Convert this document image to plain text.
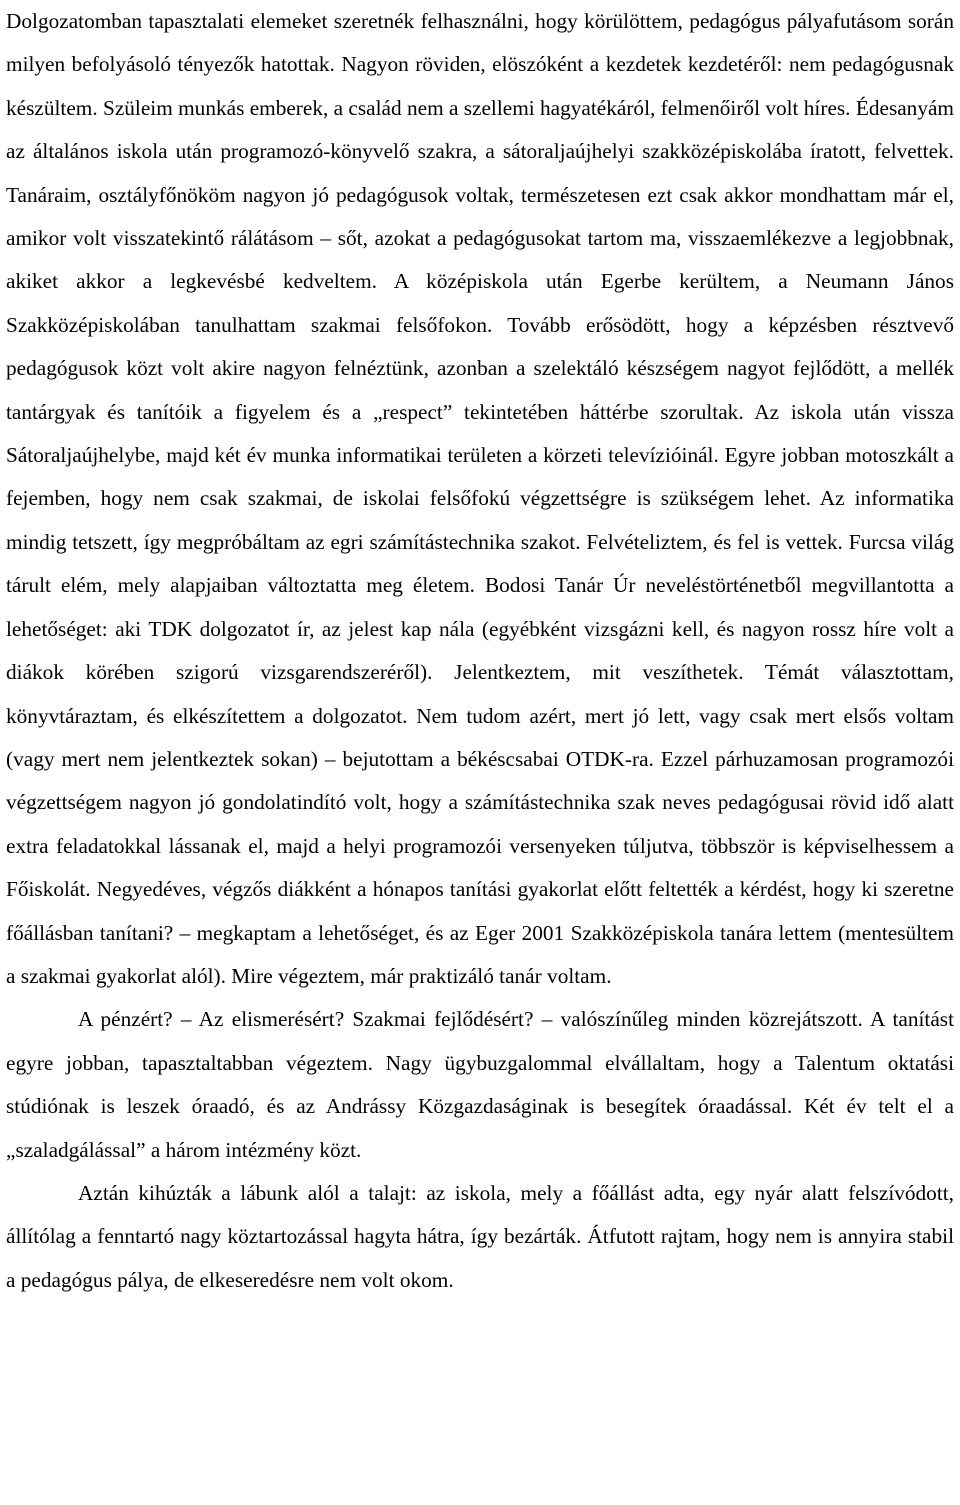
Dolgozatomban tapasztalati elemeket szeretnék felhasználni, hogy körülöttem, pedagógus pályafutásom során milyen befolyásoló tényezők hatottak. Nagyon röviden, elöszóként a kezdetek kezdetéről: nem pedagógusnak készültem. Szüleim munkás emberek, a család nem a szellemi hagyatékáról, felmenőiről volt híres. Édesanyám az általános iskola után programozó-könyvelő szakra, a sátoraljaújhelyi szakközépiskolába íratott, felvettek. Tanáraim, osztályfőnököm nagyon jó pedagógusok voltak, természetesen ezt csak akkor mondhattam már el, amikor volt visszatekintő rálátásom – sőt, azokat a pedagógusokat tartom ma, visszaemlékezve a legjobbnak, akiket akkor a legkevésbé kedveltem. A középiskola után Egerbe kerültem, a Neumann János Szakközépiskolában tanulhattam szakmai felsőfokon. Tovább erősödött, hogy a képzésben résztvevő pedagógusok közt volt akire nagyon felnéztünk, azonban a szelektáló készségem nagyot fejlődött, a mellék tantárgyak és tanítóik a figyelem és a „respect” tekintetében háttérbe szorultak. Az iskola után vissza Sátoraljaújhelybe, majd két év munka informatikai területen a körzeti televízióinál. Egyre jobban motoszkált a fejemben, hogy nem csak szakmai, de iskolai felsőfokú végzettségre is szükségem lehet. Az informatika mindig tetszett, így megpróbáltam az egri számítástechnika szakot. Felvételiztem, és fel is vettek. Furcsa világ tárult elém, mely alapjaiban változtatta meg életem. Bodosi Tanár Úr neveléstörténetből megvillantotta a lehetőséget: aki TDK dolgozatot ír, az jelest kap nála (egyébként vizsgázni kell, és nagyon rossz híre volt a diákok körében szigorú vizsgarendszeréről). Jelentkeztem, mit veszíthetek. Témát választottam, könyvtáraztam, és elkészítettem a dolgozatot. Nem tudom azért, mert jó lett, vagy csak mert elsős voltam (vagy mert nem jelentkeztek sokan) – bejutottam a békéscsabai OTDK-ra. Ezzel párhuzamosan programozói végzettségem nagyon jó gondolatindító volt, hogy a számítástechnika szak neves pedagógusai rövid idő alatt extra feladatokkal lássanak el, majd a helyi programozói versenyeken túljutva, többször is képviselhessem a Főiskolát. Negyedéves, végzős diákként a hónapos tanítási gyakorlat előtt feltették a kérdést, hogy ki szeretne főállásban tanítani? – megkaptam a lehetőséget, és az Eger 2001 Szakközépiskola tanára lettem (mentesültem a szakmai gyakorlat alól). Mire végeztem, már praktizáló tanár voltam.

A pénzért? – Az elismerésért? Szakmai fejlődésért? – valószínűleg minden közrejátszott. A tanítást egyre jobban, tapasztaltabban végeztem. Nagy ügybuzgalommal elvállaltam, hogy a Talentum oktatási stúdiónak is leszek óraadó, és az Andrássy Közgazdaságinak is besegítek óraadással. Két év telt el a „szaladgálással” a három intézmény közt.

Aztán kihúzták a lábunk alól a talajt: az iskola, mely a főállást adta, egy nyár alatt felszívódott, állítólag a fenntartó nagy köztartozással hagyta hátra, így bezárták. Átfutott rajtam, hogy nem is annyira stabil a pedagógus pálya, de elkeseredésre nem volt okom.
